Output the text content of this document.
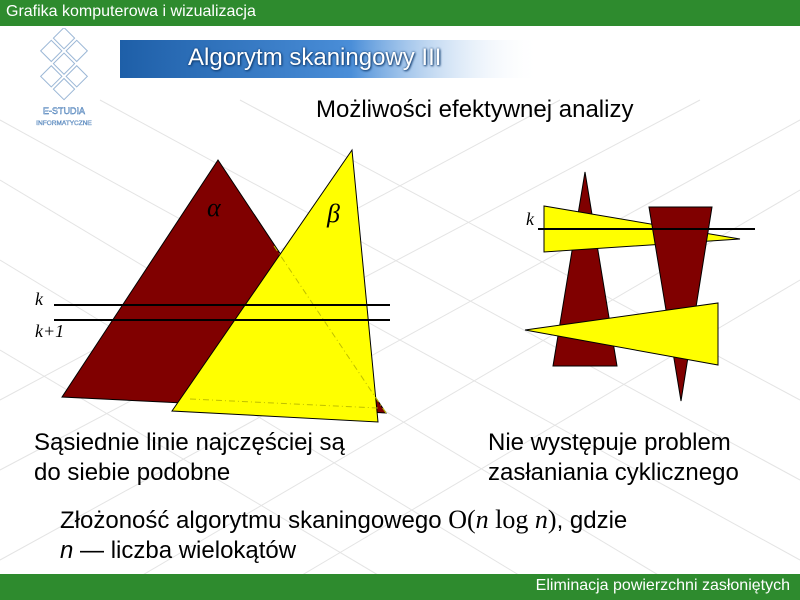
Grafika komputerowa i wizualizacja
E-STUDIA
INFORMATYCZNE
Algorytm skaningowy III
Możliwości efektywnej analizy
α	β
k
k+1
k
Sąsiednie linie najczęściej są
do siebie podobne
Nie występuje problem
zasłaniania cyklicznego
Złożoność algorytmu skaningowego O(n log n), gdzie
n — liczba wielokątów
Eliminacja powierzchni zasłoniętych
